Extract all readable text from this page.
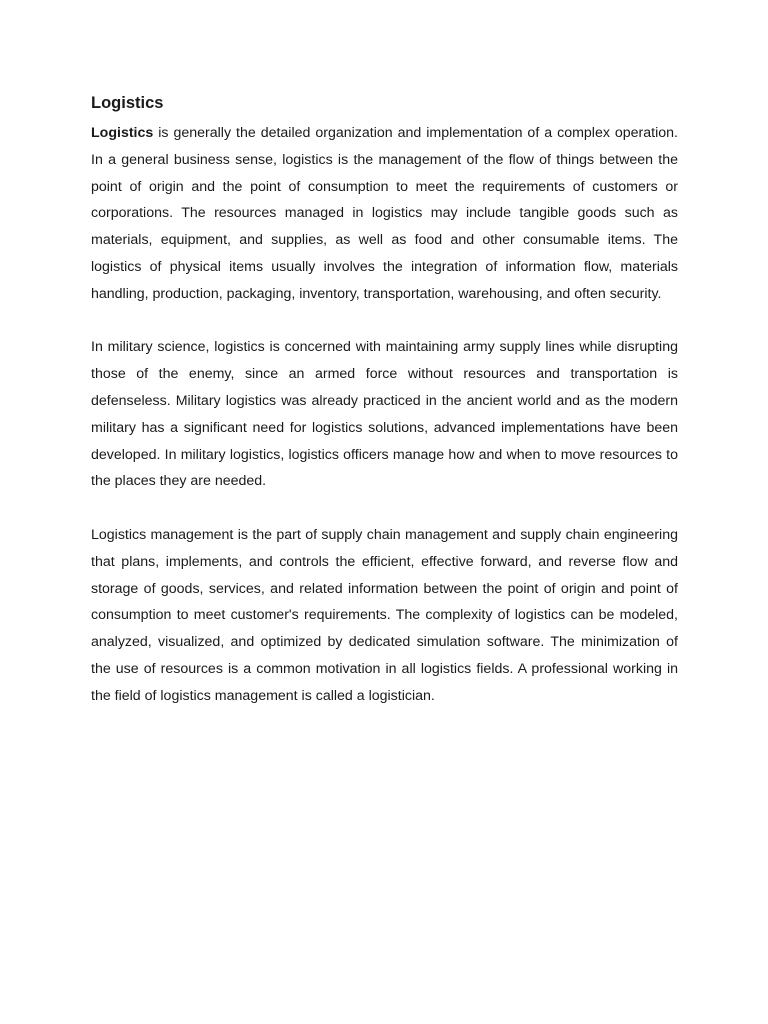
Logistics

Logistics is generally the detailed organization and implementation of a complex operation. In a general business sense, logistics is the management of the flow of things between the point of origin and the point of consumption to meet the requirements of customers or corporations. The resources managed in logistics may include tangible goods such as materials, equipment, and supplies, as well as food and other consumable items. The logistics of physical items usually involves the integration of information flow, materials handling, production, packaging, inventory, transportation, warehousing, and often security.

In military science, logistics is concerned with maintaining army supply lines while disrupting those of the enemy, since an armed force without resources and transportation is defenseless. Military logistics was already practiced in the ancient world and as the modern military has a significant need for logistics solutions, advanced implementations have been developed. In military logistics, logistics officers manage how and when to move resources to the places they are needed.

Logistics management is the part of supply chain management and supply chain engineering that plans, implements, and controls the efficient, effective forward, and reverse flow and storage of goods, services, and related information between the point of origin and point of consumption to meet customer's requirements. The complexity of logistics can be modeled, analyzed, visualized, and optimized by dedicated simulation software. The minimization of the use of resources is a common motivation in all logistics fields. A professional working in the field of logistics management is called a logistician.
